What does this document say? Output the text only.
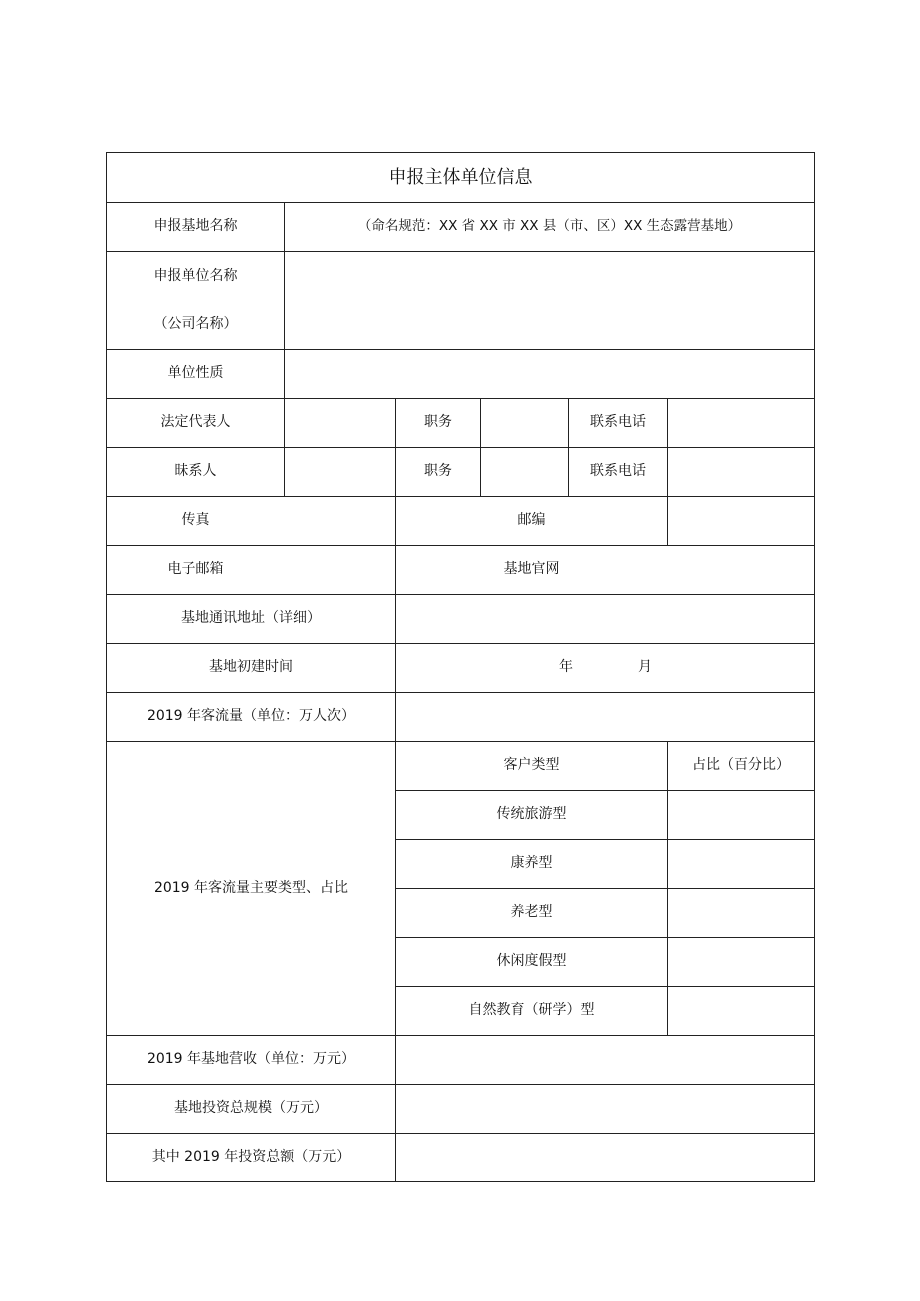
申报主体单位信息
申报基地名称	（命名规范：XX 省 XX 市 XX 县（市、区）XX 生态露营基地）
申报单位名称
（公司名称）
单位性质
法定代表人	职务	联系电话
昧系人	职务	联系电话
传真	邮编
电子邮箱	基地官网
基地通讯地址（详细）
基地初建时间	年	月
2019 年客流量（单位：万人次）
2019 年客流量主要类型、占比
客户类型	占比（百分比）
传统旅游型
康养型
养老型
休闲度假型
自然教育（研学）型
2019 年基地营收（单位：万元）
基地投资总规模（万元）
其中 2019 年投资总额（万元）
